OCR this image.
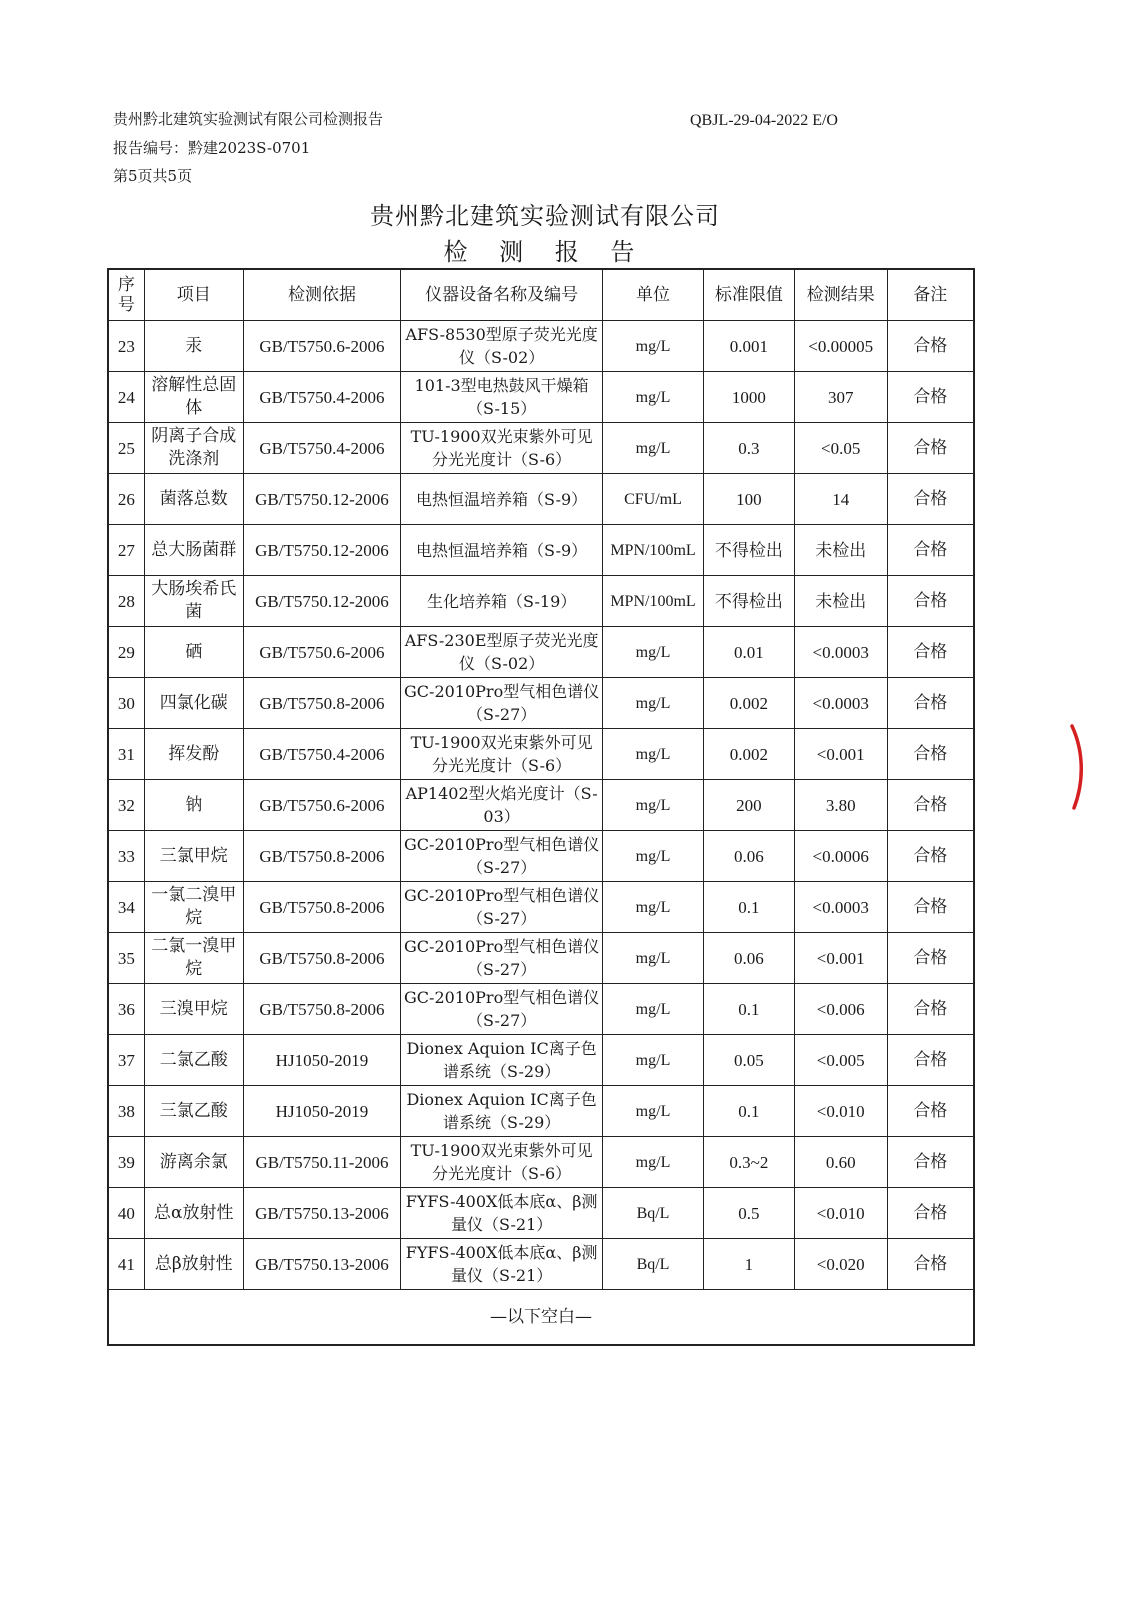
贵州黔北建筑实验测试有限公司检测报告
报告编号：黔建2023S-0701
第5页共5页
QBJL-29-04-2022 E/O
贵州黔北建筑实验测试有限公司
检 测 报 告
序号	项目	检测依据	仪器设备名称及编号	单位	标准限值	检测结果	备注
23	汞	GB/T5750.6-2006	AFS-8530型原子荧光光度仪（S-02）	mg/L	0.001	<0.00005	合格
24	溶解性总固体	GB/T5750.4-2006	101-3型电热鼓风干燥箱（S-15）	mg/L	1000	307	合格
25	阴离子合成洗涤剂	GB/T5750.4-2006	TU-1900双光束紫外可见分光光度计（S-6）	mg/L	0.3	<0.05	合格
26	菌落总数	GB/T5750.12-2006	电热恒温培养箱（S-9）	CFU/mL	100	14	合格
27	总大肠菌群	GB/T5750.12-2006	电热恒温培养箱（S-9）	MPN/100mL	不得检出	未检出	合格
28	大肠埃希氏菌	GB/T5750.12-2006	生化培养箱（S-19）	MPN/100mL	不得检出	未检出	合格
29	硒	GB/T5750.6-2006	AFS-230E型原子荧光光度仪（S-02）	mg/L	0.01	<0.0003	合格
30	四氯化碳	GB/T5750.8-2006	GC-2010Pro型气相色谱仪（S-27）	mg/L	0.002	<0.0003	合格
31	挥发酚	GB/T5750.4-2006	TU-1900双光束紫外可见分光光度计（S-6）	mg/L	0.002	<0.001	合格
32	钠	GB/T5750.6-2006	AP1402型火焰光度计（S-03）	mg/L	200	3.80	合格
33	三氯甲烷	GB/T5750.8-2006	GC-2010Pro型气相色谱仪（S-27）	mg/L	0.06	<0.0006	合格
34	一氯二溴甲烷	GB/T5750.8-2006	GC-2010Pro型气相色谱仪（S-27）	mg/L	0.1	<0.0003	合格
35	二氯一溴甲烷	GB/T5750.8-2006	GC-2010Pro型气相色谱仪（S-27）	mg/L	0.06	<0.001	合格
36	三溴甲烷	GB/T5750.8-2006	GC-2010Pro型气相色谱仪（S-27）	mg/L	0.1	<0.006	合格
37	二氯乙酸	HJ1050-2019	Dionex Aquion IC离子色谱系统（S-29）	mg/L	0.05	<0.005	合格
38	三氯乙酸	HJ1050-2019	Dionex Aquion IC离子色谱系统（S-29）	mg/L	0.1	<0.010	合格
39	游离余氯	GB/T5750.11-2006	TU-1900双光束紫外可见分光光度计（S-6）	mg/L	0.3~2	0.60	合格
40	总α放射性	GB/T5750.13-2006	FYFS-400X低本底α、β测量仪（S-21）	Bq/L	0.5	<0.010	合格
41	总β放射性	GB/T5750.13-2006	FYFS-400X低本底α、β测量仪（S-21）	Bq/L	1	<0.020	合格
—以下空白—							
